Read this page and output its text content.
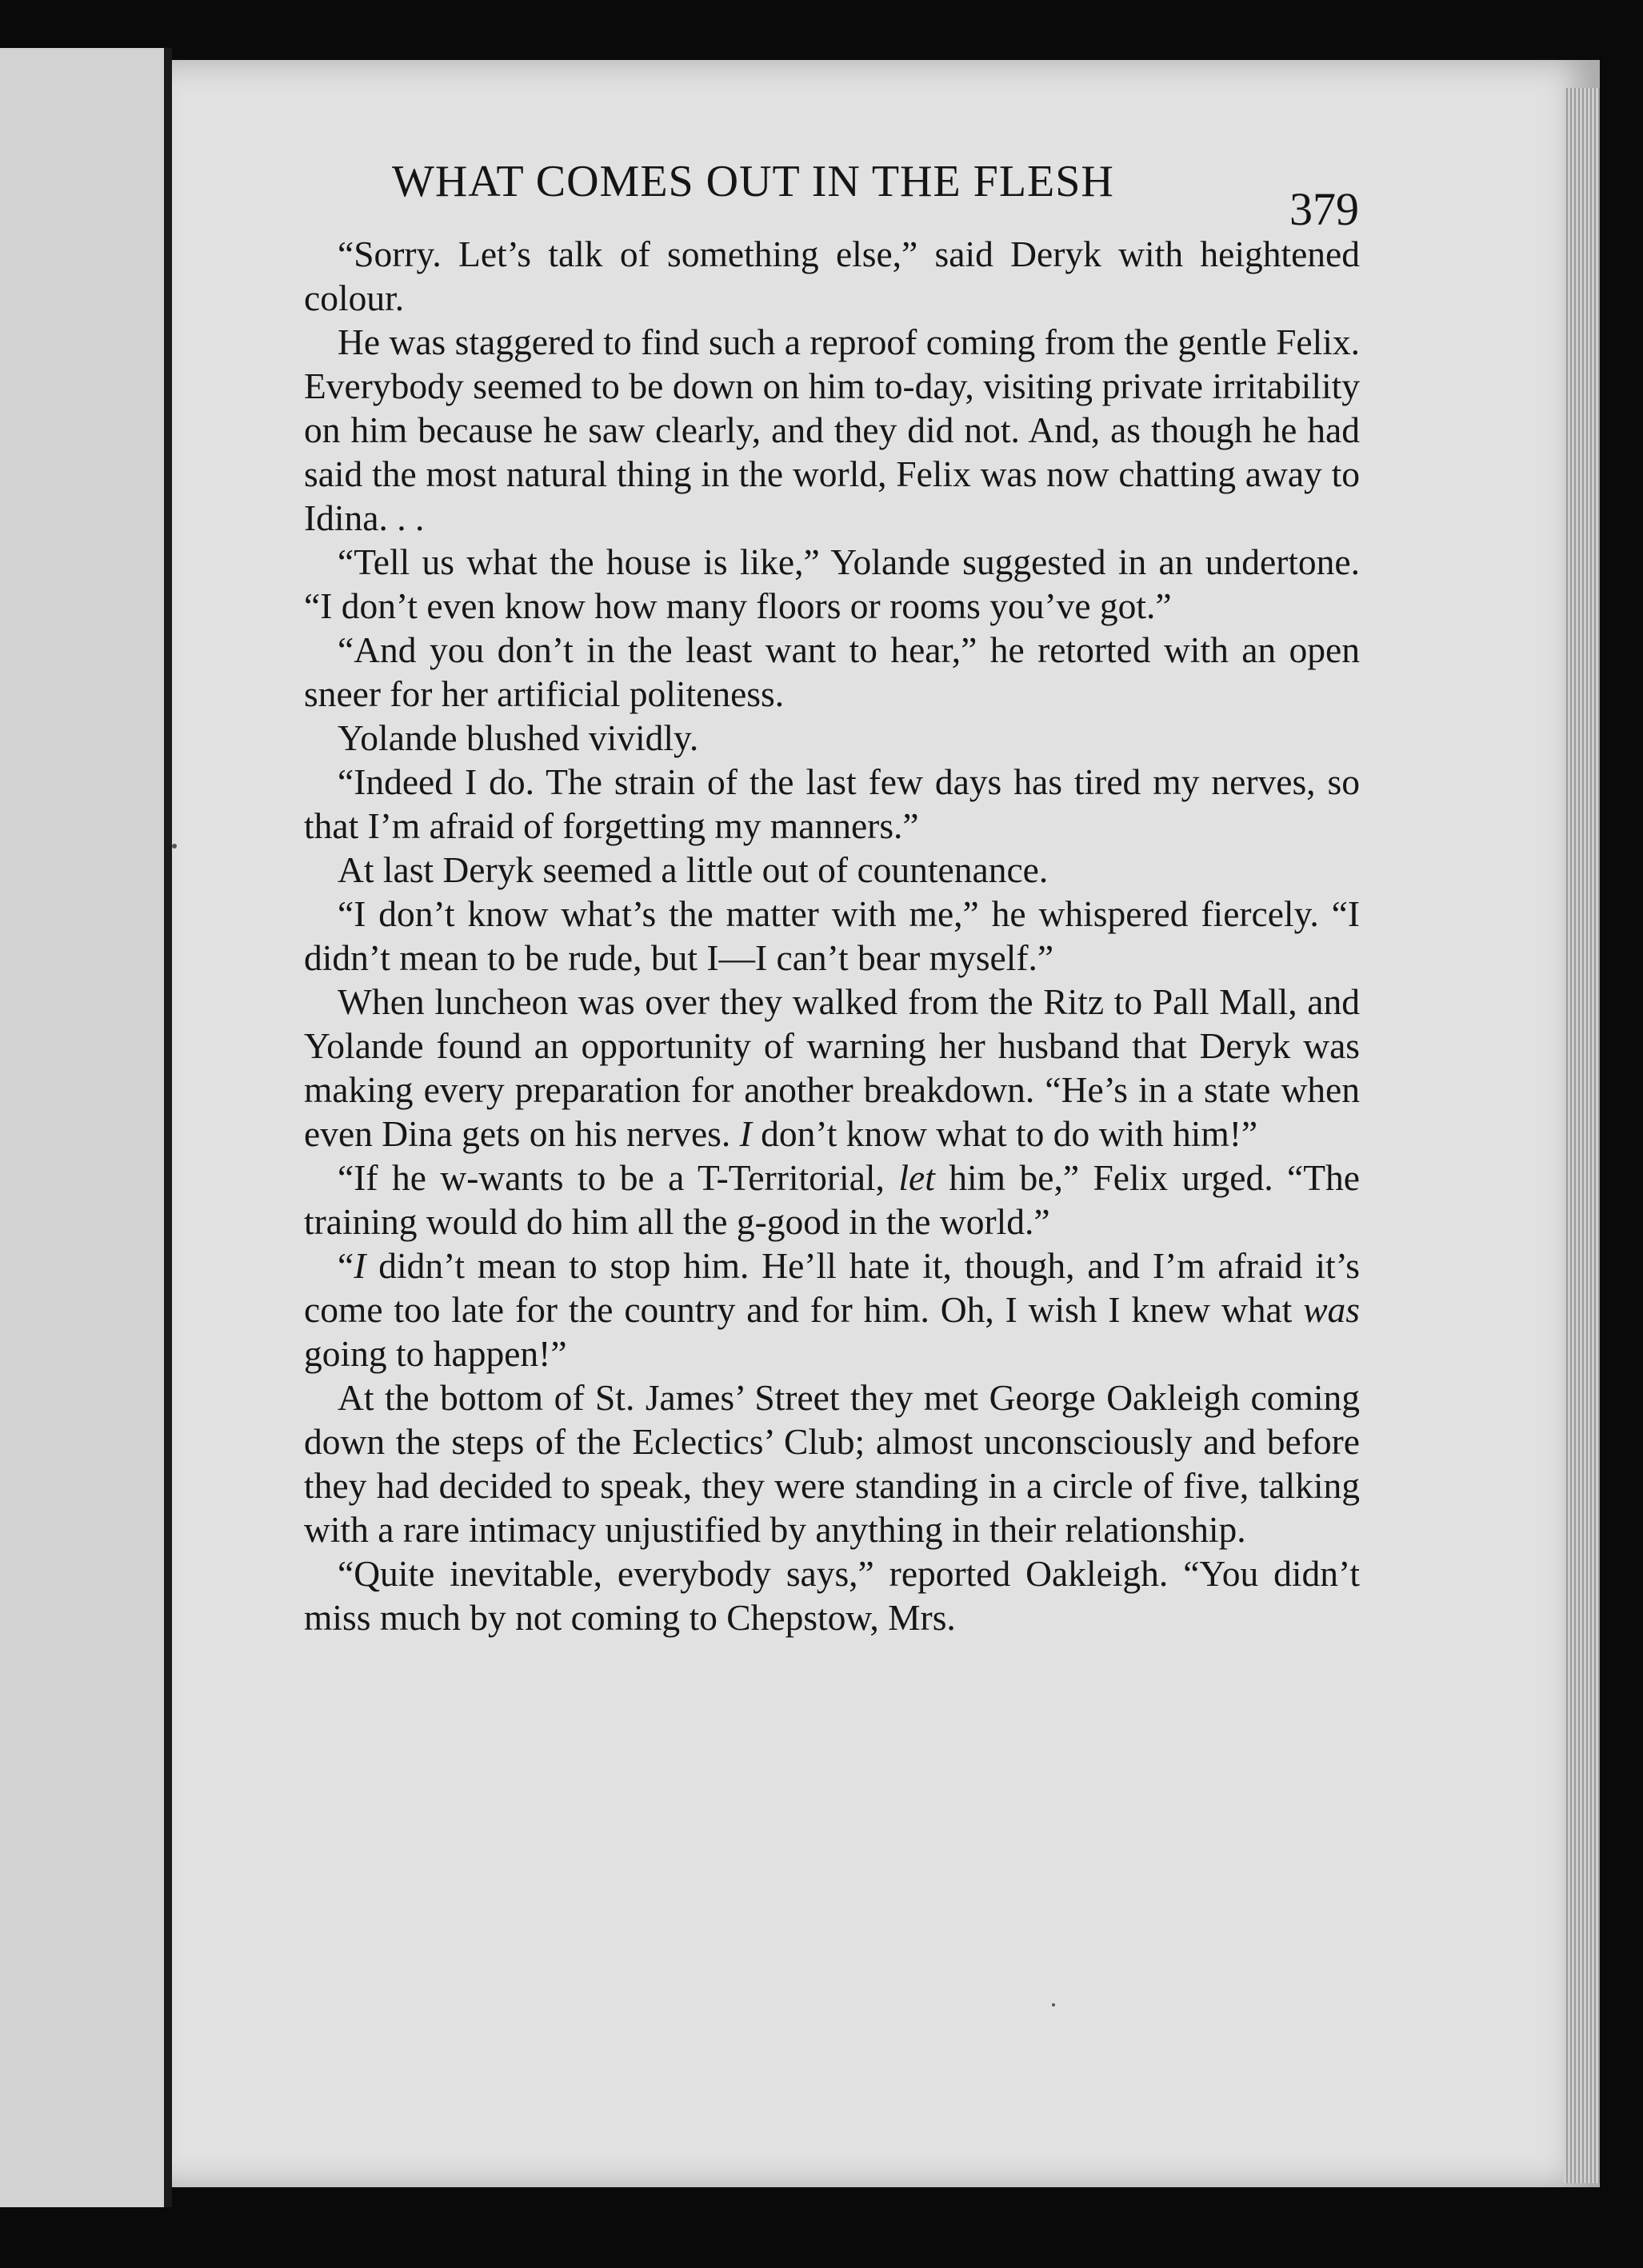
WHAT COMES OUT IN THE FLESH
379

“Sorry. Let’s talk of something else,” said Deryk with heightened colour.

He was staggered to find such a reproof coming from the gentle Felix. Everybody seemed to be down on him to-day, visiting private irritability on him because he saw clearly, and they did not. And, as though he had said the most natural thing in the world, Felix was now chatting away to Idina. . .

“Tell us what the house is like,” Yolande suggested in an undertone. “I don’t even know how many floors or rooms you’ve got.”

“And you don’t in the least want to hear,” he retorted with an open sneer for her artificial politeness.

Yolande blushed vividly.

“Indeed I do. The strain of the last few days has tired my nerves, so that I’m afraid of forgetting my manners.”

At last Deryk seemed a little out of countenance.

“I don’t know what’s the matter with me,” he whispered fiercely. “I didn’t mean to be rude, but I—I can’t bear myself.”

When luncheon was over they walked from the Ritz to Pall Mall, and Yolande found an opportunity of warning her husband that Deryk was making every preparation for another breakdown. “He’s in a state when even Dina gets on his nerves. I don’t know what to do with him!”

“If he w-wants to be a T-Territorial, let him be,” Felix urged. “The training would do him all the g-good in the world.”

“I didn’t mean to stop him. He’ll hate it, though, and I’m afraid it’s come too late for the country and for him. Oh, I wish I knew what was going to happen!”

At the bottom of St. James’ Street they met George Oakleigh coming down the steps of the Eclectics’ Club; almost unconsciously and before they had decided to speak, they were standing in a circle of five, talking with a rare intimacy unjustified by anything in their relationship.

“Quite inevitable, everybody says,” reported Oakleigh. “You didn’t miss much by not coming to Chepstow, Mrs.
